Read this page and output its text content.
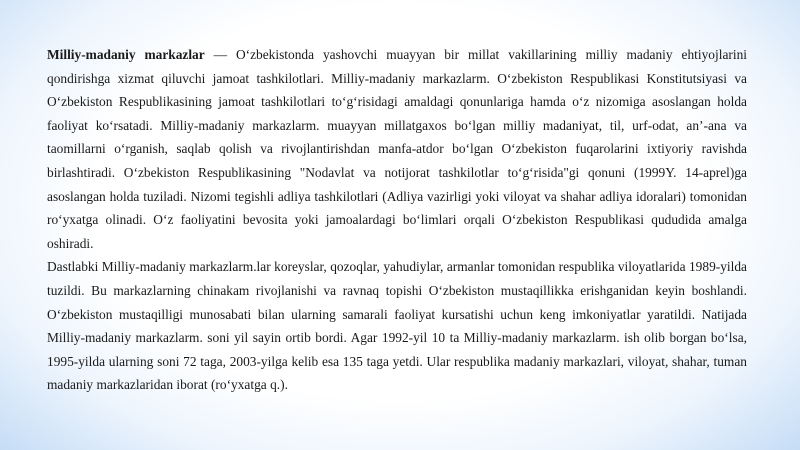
Milliy-madaniy markazlar — O‘zbekistonda yashovchi muayyan bir millat vakillarining milliy madaniy ehtiyojlarini qondirishga xizmat qiluvchi jamoat tashkilotlari. Milliy-madaniy markazlarm. O‘zbekiston Respublikasi Konstitutsiyasi va O‘zbekiston Respublikasining jamoat tashkilotlari to‘g‘risidagi amaldagi qonunlariga hamda o‘z nizomiga asoslangan holda faoliyat ko‘rsatadi. Milliy-madaniy markazlarm. muayyan millatgaxos bo‘lgan milliy madaniyat, til, urf-odat, an’-ana va taomillarni o‘rganish, saqlab qolish va rivojlantirishdan manfa-atdor bo‘lgan O‘zbekiston fuqarolarini ixtiyoriy ravishda birlashtiradi. O‘zbekiston Respublikasining "Nodavlat va notijorat tashkilotlar to‘g‘risida"gi qonuni (1999Y. 14-aprel)ga asoslangan holda tuziladi. Nizomi tegishli adliya tashkilotlari (Adliya vazirligi yoki viloyat va shahar adliya idoralari) tomonidan ro‘yxatga olinadi. O‘z faoliyatini bevosita yoki jamoalardagi bo‘limlari orqali O‘zbekiston Respublikasi qududida amalga oshiradi.

Dastlabki Milliy-madaniy markazlarm.lar koreyslar, qozoqlar, yahudiylar, armanlar tomonidan respublika viloyatlarida 1989-yilda tuzildi. Bu markazlarning chinakam rivojlanishi va ravnaq topishi O‘zbekiston mustaqillikka erishganidan keyin boshlandi. O‘zbekiston mustaqilligi munosabati bilan ularning samarali faoliyat kursatishi uchun keng imkoniyatlar yaratildi. Natijada Milliy-madaniy markazlarm. soni yil sayin ortib bordi. Agar 1992-yil 10 ta Milliy-madaniy markazlarm. ish olib borgan bo‘lsa, 1995-yilda ularning soni 72 taga, 2003-yilga kelib esa 135 taga yetdi. Ular respublika madaniy markazlari, viloyat, shahar, tuman madaniy markazlaridan iborat (ro‘yxatga q.).
